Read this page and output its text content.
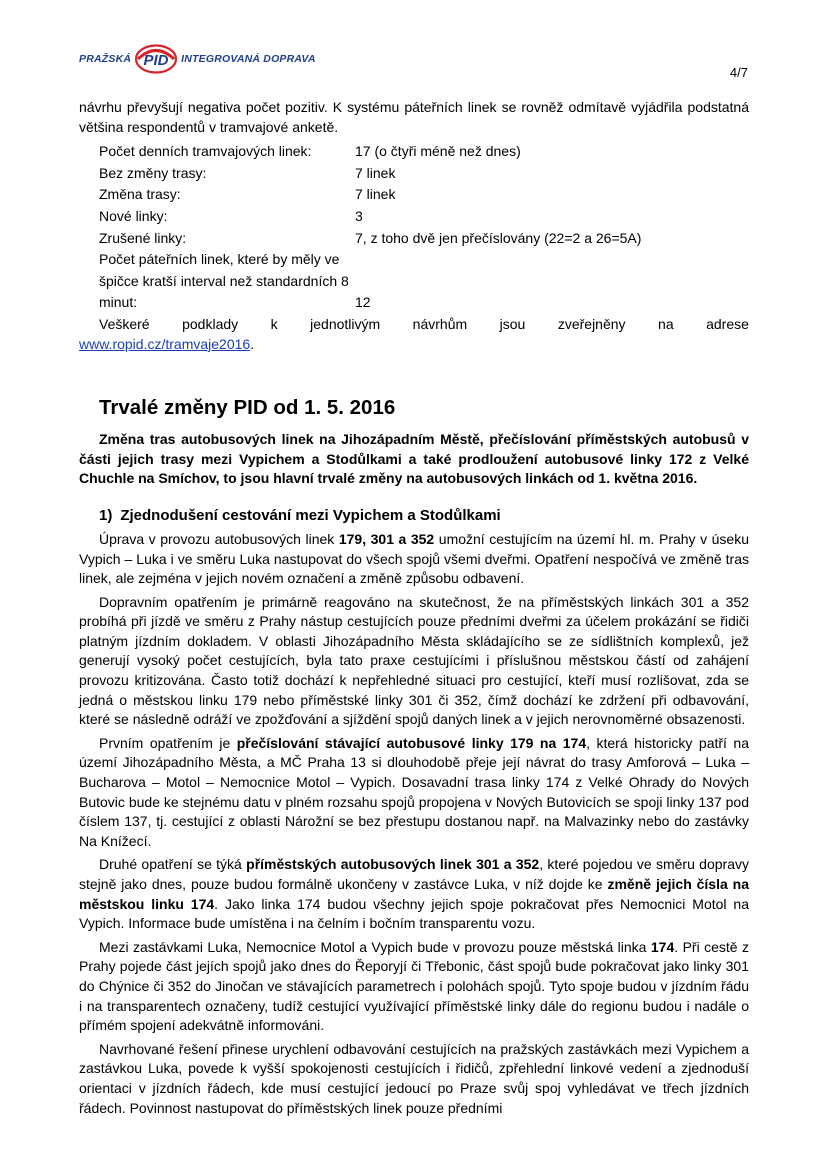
PRAŽSKÁ PID INTEGROVANÁ DOPRAVA
4/7

návrhu převyšují negativa počet pozitiv. K systému páteřních linek se rovněž odmítavě vyjádřila podstatná většina respondentů v tramvajové anketě.

Počet denních tramvajových linek:	17 (o čtyři méně než dnes)
Bez změny trasy:	7 linek
Změna trasy:	7 linek
Nové linky:	3
Zrušené linky:	7, z toho dvě jen přečíslovány (22=2 a 26=5A)
Počet páteřních linek, které by měly ve špičce kratší interval než standardních 8 minut:	12
Veškeré podklady k jednotlivým návrhům jsou zveřejněny na adrese

www.ropid.cz/tramvaje2016.

Trvalé změny PID od 1. 5. 2016

Změna tras autobusových linek na Jihozápadním Městě, přečíslování příměstských autobusů v části jejich trasy mezi Vypichem a Stodůlkami a také prodloužení autobusové linky 172 z Velké Chuchle na Smíchov, to jsou hlavní trvalé změny na autobusových linkách od 1. května 2016.

1) Zjednodušení cestování mezi Vypichem a Stodůlkami

Úprava v provozu autobusových linek 179, 301 a 352 umožní cestujícím na území hl. m. Prahy v úseku Vypich – Luka i ve směru Luka nastupovat do všech spojů všemi dveřmi. Opatření nespočívá ve změně tras linek, ale zejména v jejich novém označení a změně způsobu odbavení.

Dopravním opatřením je primárně reagováno na skutečnost, že na příměstských linkách 301 a 352 probíhá při jízdě ve směru z Prahy nástup cestujících pouze předními dveřmi za účelem prokázání se řidiči platným jízdním dokladem. V oblasti Jihozápadního Města skládajícího se ze sídlištních komplexů, jež generují vysoký počet cestujících, byla tato praxe cestujícími i příslušnou městskou částí od zahájení provozu kritizována. Často totiž dochází k nepřehledné situaci pro cestující, kteří musí rozlišovat, zda se jedná o městskou linku 179 nebo příměstské linky 301 či 352, čímž dochází ke zdržení při odbavování, které se následně odráží ve zpožďování a sjíždění spojů daných linek a v jejich nerovnoměrné obsazenosti.

Prvním opatřením je přečíslování stávající autobusové linky 179 na 174, která historicky patří na území Jihozápadního Města, a MČ Praha 13 si dlouhodobě přeje její návrat do trasy Amforová – Luka – Bucharova – Motol – Nemocnice Motol – Vypich. Dosavadní trasa linky 174 z Velké Ohrady do Nových Butovic bude ke stejnému datu v plném rozsahu spojů propojena v Nových Butovicích se spoji linky 137 pod číslem 137, tj. cestující z oblasti Nárožní se bez přestupu dostanou např. na Malvazinky nebo do zastávky Na Knížecí.

Druhé opatření se týká příměstských autobusových linek 301 a 352, které pojedou ve směru dopravy stejně jako dnes, pouze budou formálně ukončeny v zastávce Luka, v níž dojde ke změně jejich čísla na městskou linku 174. Jako linka 174 budou všechny jejich spoje pokračovat přes Nemocnici Motol na Vypich. Informace bude umístěna i na čelním i bočním transparentu vozu.

Mezi zastávkami Luka, Nemocnice Motol a Vypich bude v provozu pouze městská linka 174. Při cestě z Prahy pojede část jejích spojů jako dnes do Řeporyjí či Třebonic, část spojů bude pokračovat jako linky 301 do Chýnice či 352 do Jinočan ve stávajících parametrech i polohách spojů. Tyto spoje budou v jízdním řádu i na transparentech označeny, tudíž cestující využívající příměstské linky dále do regionu budou i nadále o přímém spojení adekvátně informováni.

Navrhované řešení přinese urychlení odbavování cestujících na pražských zastávkách mezi Vypichem a zastávkou Luka, povede k vyšší spokojenosti cestujících i řidičů, zpřehlední linkové vedení a zjednoduší orientaci v jízdních řádech, kde musí cestující jedoucí po Praze svůj spoj vyhledávat ve třech jízdních řádech. Povinnost nastupovat do příměstských linek pouze předními
